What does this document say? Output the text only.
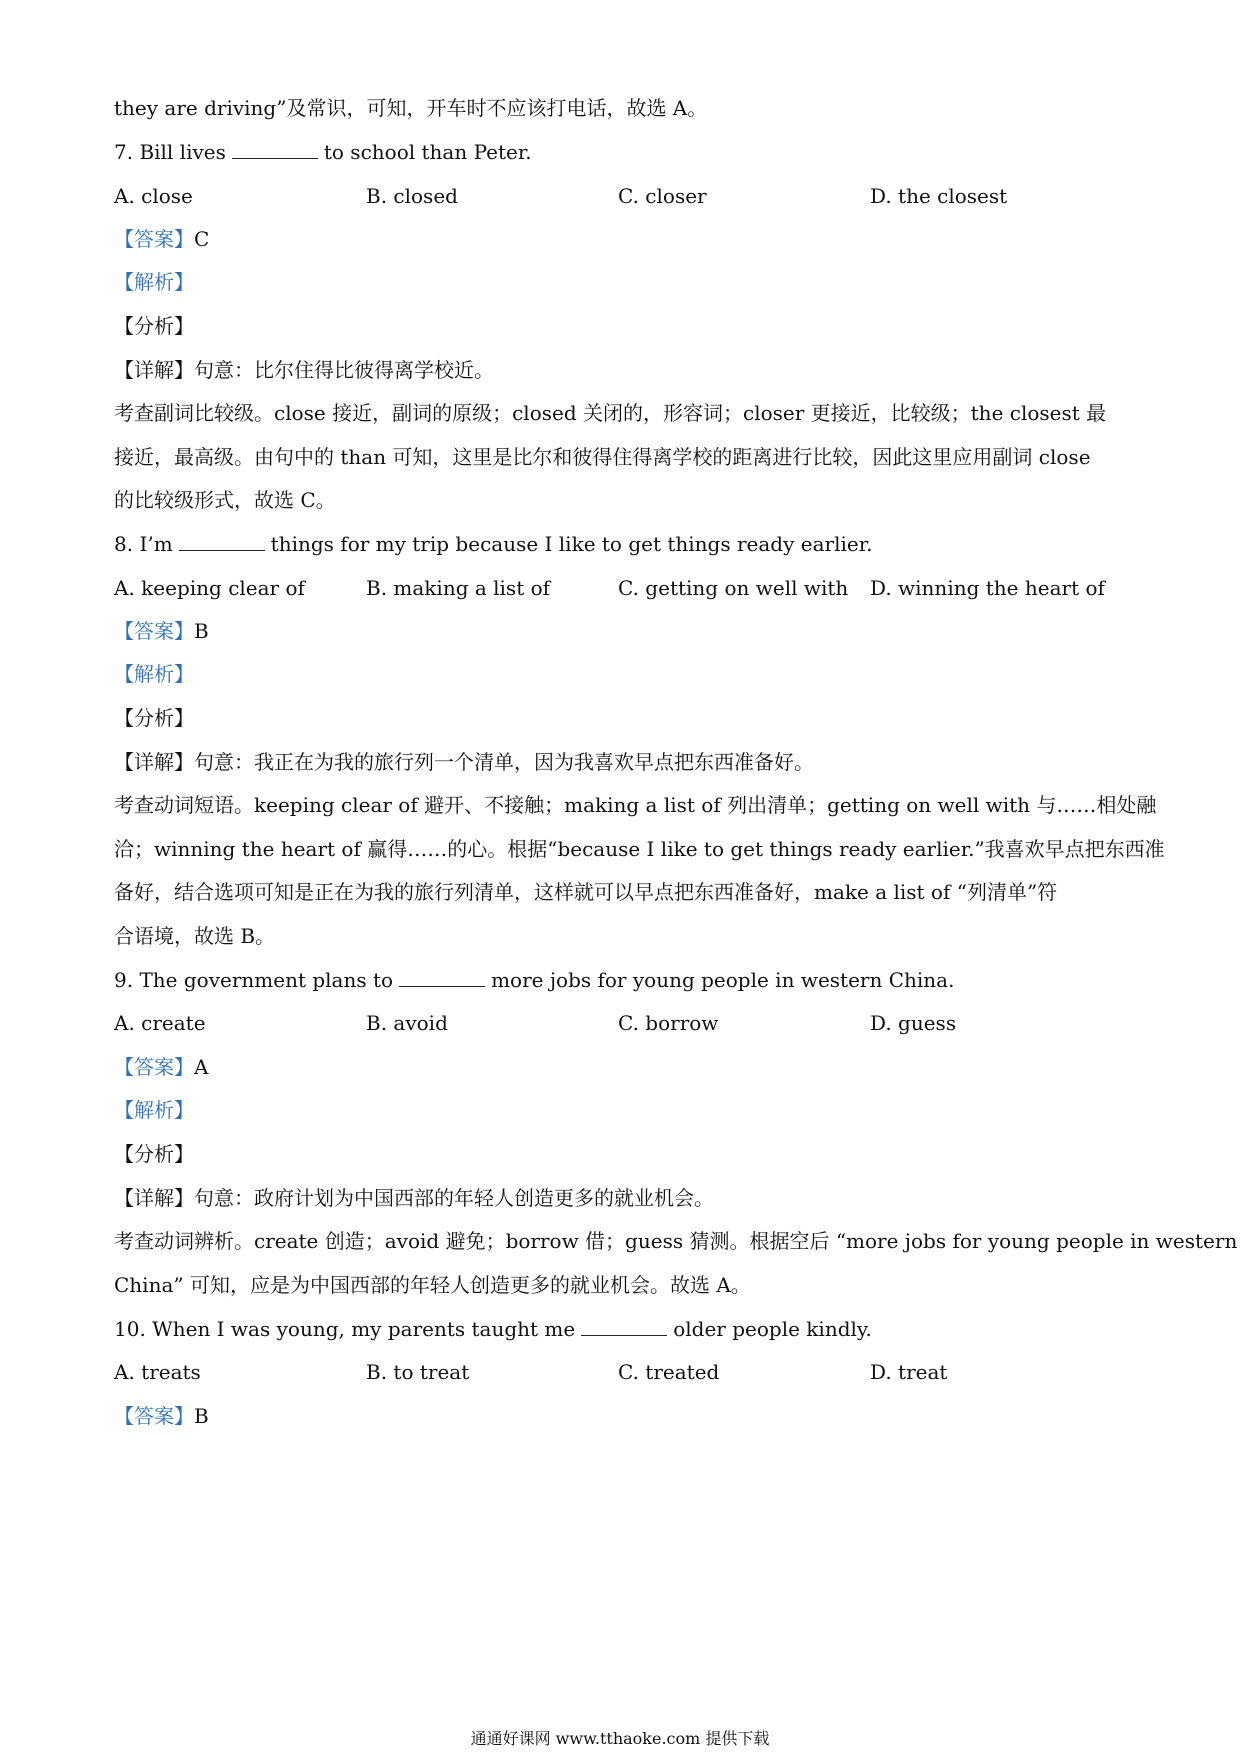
they are driving”及常识，可知，开车时不应该打电话，故选 A。
7. Bill lives	to school than Peter.
A. close	B. closed	C. closer	D. the closest
【答案】C
【解析】
【分析】
【详解】句意：比尔住得比彼得离学校近。
考查副词比较级。close 接近，副词的原级；closed 关闭的，形容词；closer 更接近，比较级；the closest 最
接近，最高级。由句中的 than 可知，这里是比尔和彼得住得离学校的距离进行比较，因此这里应用副词 close
的比较级形式，故选 C。
8. I’m	things for my trip because I like to get things ready earlier.
A. keeping clear of	B. making a list of	C. getting on well with D. winning the heart of
【答案】B
【解析】
【分析】
【详解】句意：我正在为我的旅行列一个清单，因为我喜欢早点把东西准备好。
考查动词短语。keeping clear of 避开、不接触；making a list of 列出清单；getting on well with 与……相处融
洽；winning the heart of 赢得……的心。根据“because I like to get things ready earlier.”我喜欢早点把东西准
备好，结合选项可知是正在为我的旅行列清单，这样就可以早点把东西准备好，make a list of “列清单”符
合语境，故选 B。
9. The government plans to	more jobs for young people in western China.
A. create	B. avoid	C. borrow	D. guess
【答案】A
【解析】
【分析】
【详解】句意：政府计划为中国西部的年轻人创造更多的就业机会。
考查动词辨析。create 创造；avoid 避免；borrow 借；guess 猜测。根据空后 “more jobs for young people in western
China” 可知，应是为中国西部的年轻人创造更多的就业机会。故选 A。
10. When I was young, my parents taught me	older people kindly.
A. treats	B. to treat	C. treated	D. treat
【答案】B
通通好课网 www.tthaoke.com 提供下载
